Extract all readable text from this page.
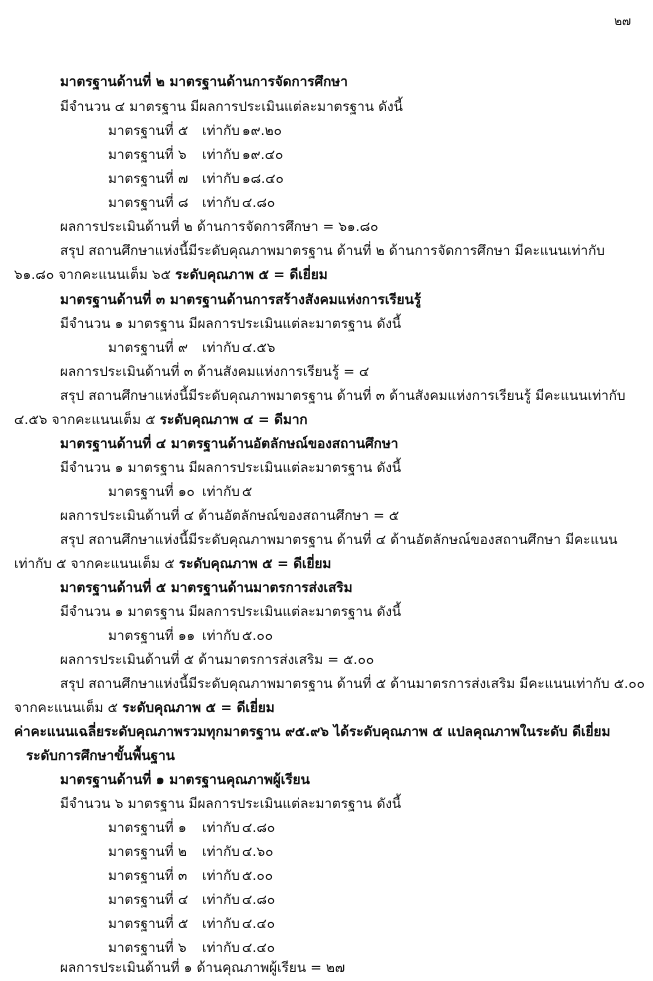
๒๗
มาตรฐานด้านที่ ๒ มาตรฐานด้านการจัดการศึกษา
มีจำนวน ๔ มาตรฐาน มีผลการประเมินแต่ละมาตรฐาน ดังนี้
มาตรฐานที่ ๕ เท่ากับ ๑๙.๒๐
มาตรฐานที่ ๖ เท่ากับ ๑๙.๔๐
มาตรฐานที่ ๗ เท่ากับ ๑๘.๔๐
มาตรฐานที่ ๘ เท่ากับ ๔.๘๐
ผลการประเมินด้านที่ ๒ ด้านการจัดการศึกษา = ๖๑.๘๐
สรุป สถานศึกษาแห่งนี้มีระดับคุณภาพมาตรฐาน ด้านที่ ๒ ด้านการจัดการศึกษา มีคะแนนเท่ากับ
๖๑.๘๐ จากคะแนนเต็ม ๖๕ ระดับคุณภาพ ๕ = ดีเยี่ยม
มาตรฐานด้านที่ ๓ มาตรฐานด้านการสร้างสังคมแห่งการเรียนรู้
มีจำนวน ๑ มาตรฐาน มีผลการประเมินแต่ละมาตรฐาน ดังนี้
มาตรฐานที่ ๙ เท่ากับ ๔.๕๖
ผลการประเมินด้านที่ ๓ ด้านสังคมแห่งการเรียนรู้ = ๔
สรุป สถานศึกษาแห่งนี้มีระดับคุณภาพมาตรฐาน ด้านที่ ๓ ด้านสังคมแห่งการเรียนรู้ มีคะแนนเท่ากับ
๔.๕๖ จากคะแนนเต็ม ๕ ระดับคุณภาพ ๔ = ดีมาก
มาตรฐานด้านที่ ๔ มาตรฐานด้านอัตลักษณ์ของสถานศึกษา
มีจำนวน ๑ มาตรฐาน มีผลการประเมินแต่ละมาตรฐาน ดังนี้
มาตรฐานที่ ๑๐ เท่ากับ ๕
ผลการประเมินด้านที่ ๔ ด้านอัตลักษณ์ของสถานศึกษา = ๕
สรุป สถานศึกษาแห่งนี้มีระดับคุณภาพมาตรฐาน ด้านที่ ๔ ด้านอัตลักษณ์ของสถานศึกษา มีคะแนน
เท่ากับ ๕ จากคะแนนเต็ม ๕ ระดับคุณภาพ ๕ = ดีเยี่ยม
มาตรฐานด้านที่ ๕ มาตรฐานด้านมาตรการส่งเสริม
มีจำนวน ๑ มาตรฐาน มีผลการประเมินแต่ละมาตรฐาน ดังนี้
มาตรฐานที่ ๑๑ เท่ากับ ๕.๐๐
ผลการประเมินด้านที่ ๕ ด้านมาตรการส่งเสริม = ๕.๐๐
สรุป สถานศึกษาแห่งนี้มีระดับคุณภาพมาตรฐาน ด้านที่ ๕ ด้านมาตรการส่งเสริม มีคะแนนเท่ากับ ๕.๐๐
จากคะแนนเต็ม ๕ ระดับคุณภาพ ๕ = ดีเยี่ยม
ค่าคะแนนเฉลี่ยระดับคุณภาพรวมทุกมาตรฐาน ๙๕.๙๖ ได้ระดับคุณภาพ ๕ แปลคุณภาพในระดับ ดีเยี่ยม
ระดับการศึกษาขั้นพื้นฐาน
มาตรฐานด้านที่ ๑ มาตรฐานคุณภาพผู้เรียน
มีจำนวน ๖ มาตรฐาน มีผลการประเมินแต่ละมาตรฐาน ดังนี้
มาตรฐานที่ ๑ เท่ากับ ๔.๘๐
มาตรฐานที่ ๒ เท่ากับ ๔.๖๐
มาตรฐานที่ ๓ เท่ากับ ๕.๐๐
มาตรฐานที่ ๔ เท่ากับ ๔.๘๐
มาตรฐานที่ ๕ เท่ากับ ๔.๔๐
มาตรฐานที่ ๖ เท่ากับ ๔.๔๐
ผลการประเมินด้านที่ ๑ ด้านคุณภาพผู้เรียน = ๒๗
